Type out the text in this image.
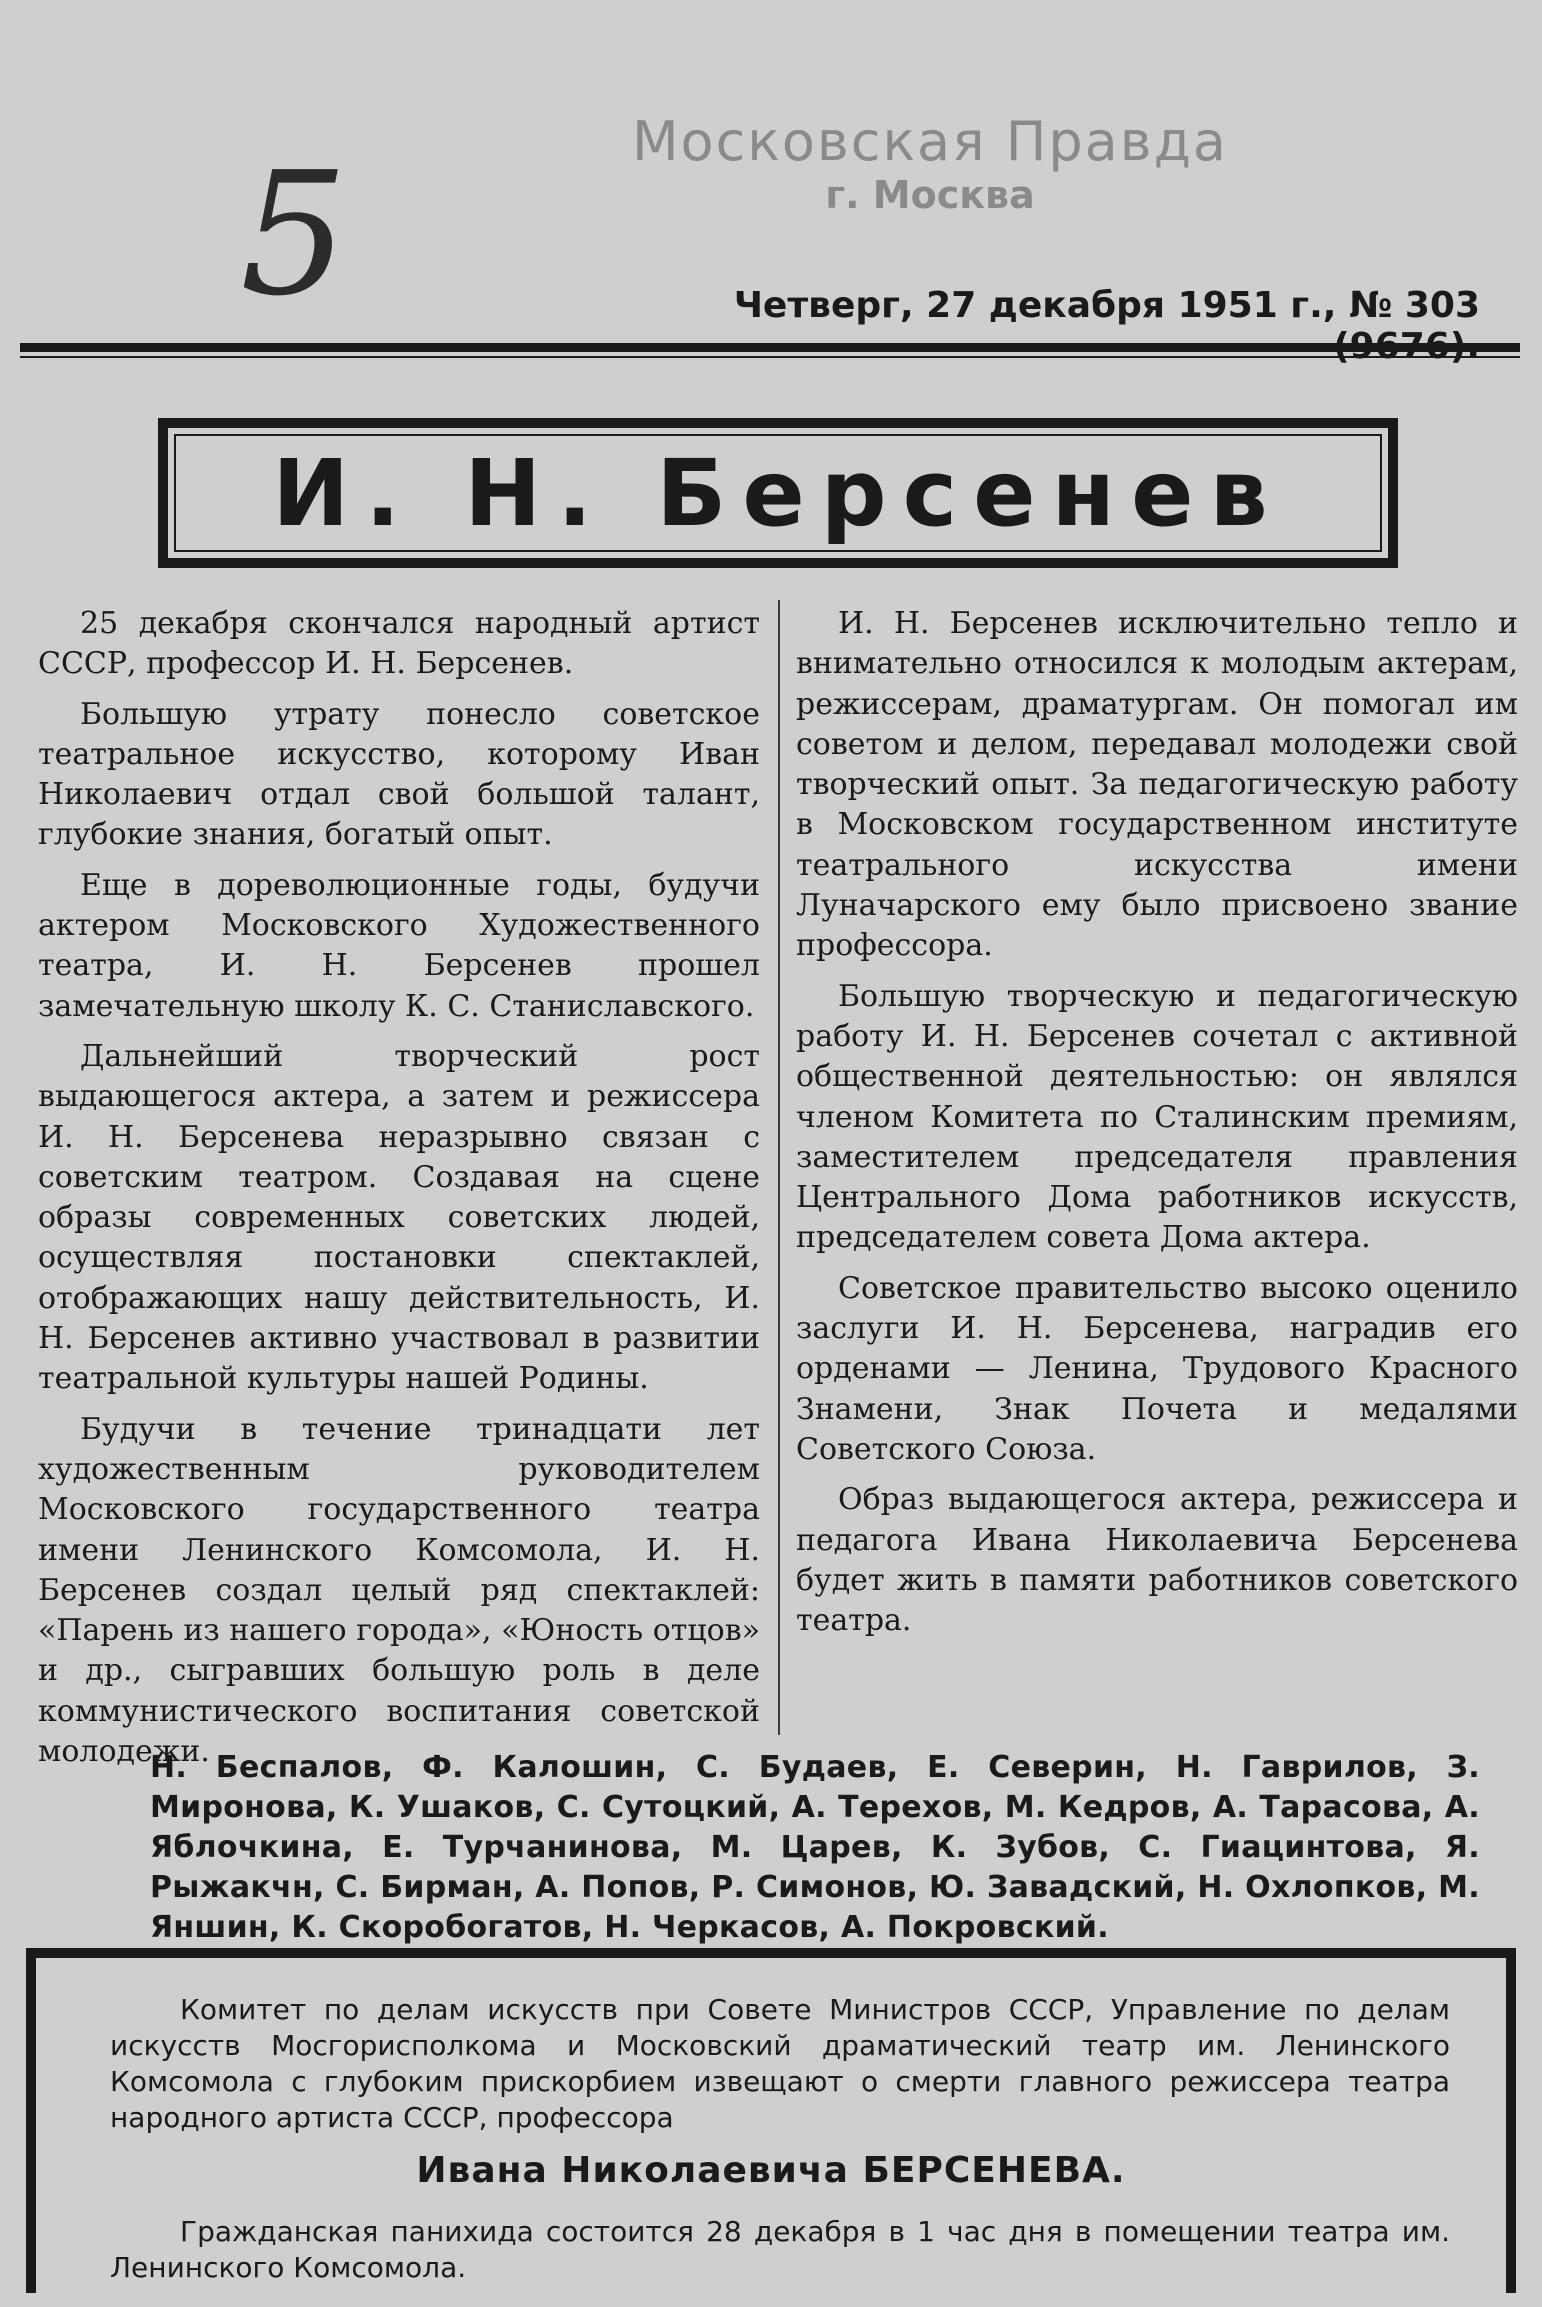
Московская Правда
г. Москва
5	Четверг, 27 декабря 1951 г., № 303
И. Н. Берсенев

25 декабря скончался народный артист СССР, профессор И. Н. Берсенев.

Большую утрату понесло советское театральное искусство, которому Иван Николаевич отдал свой большой талант, глубокие знания, богатый опыт.

Еще в дореволюционные годы, будучи актером Московского Художественного театра, И. Н. Берсенев прошел замечательную школу К. С. Станиславского.

Дальнейший творческий рост выдающегося актера, а затем и режиссера И. Н. Берсенева неразрывно связан с советским театром. Создавая на сцене образы современных советских людей, осуществляя постановки спектаклей, отображающих нашу действительность, И. Н. Берсенев активно участвовал в развитии театральной культуры нашей Родины.

Будучи в течение тринадцати лет художественным руководителем Московского государственного театра имени Ленинского Комсомола, И. Н. Берсенев создал целый ряд спектаклей: «Парень из нашего города», «Юность отцов» и др., сыгравших большую роль в деле коммунистического воспитания советской молодежи.

И. Н. Берсенев исключительно тепло и внимательно относился к молодым актерам, режиссерам, драматургам. Он помогал им советом и делом, передавал молодежи свой творческий опыт. За педагогическую работу в Московском государственном институте театрального искусства имени Луначарского ему было присвоено звание профессора.

Большую творческую и педагогическую работу И. Н. Берсенев сочетал с активной общественной деятельностью: он являлся членом Комитета по Сталинским премиям, заместителем председателя правления Центрального Дома работников искусств, председателем совета Дома актера.

Советское правительство высоко оценило заслуги И. Н. Берсенева, наградив его орденами — Ленина, Трудового Красного Знамени, Знак Почета и медалями Советского Союза.

Образ выдающегося актера, режиссера и педагога Ивана Николаевича Берсенева будет жить в памяти работников советского театра.

Н. Беспалов, Ф. Калошин, С. Будаев, Е. Северин, Н. Гаврилов, З. Миронова, К. Ушаков, С. Сутоцкий, А. Терехов, М. Кедров, А. Тарасова, А. Яблочкина, Е. Турчанинова, М. Царев, К. Зубов, С. Гиацинтова, Я. Рыжакчн, С. Бирман, А. Попов, Р. Симонов, Ю. Завадский, Н. Охлопков, М. Яншин, К. Скоробогатов, Н. Черкасов, А. Покровский.
Комитет по делам искусств при Совете Министров СССР, Управление по делам искусств Мосгорисполкома и Московский драматический театр им. Ленинского Комсомола с глубоким прискорбием извещают о смерти главного режиссера театра народного артиста СССР, профессора
Ивана Николаевича БЕРСЕНЕВА.
Гражданская панихида состоится 28 декабря в 1 час дня в помещении театра им. Ленинского Комсомола.
